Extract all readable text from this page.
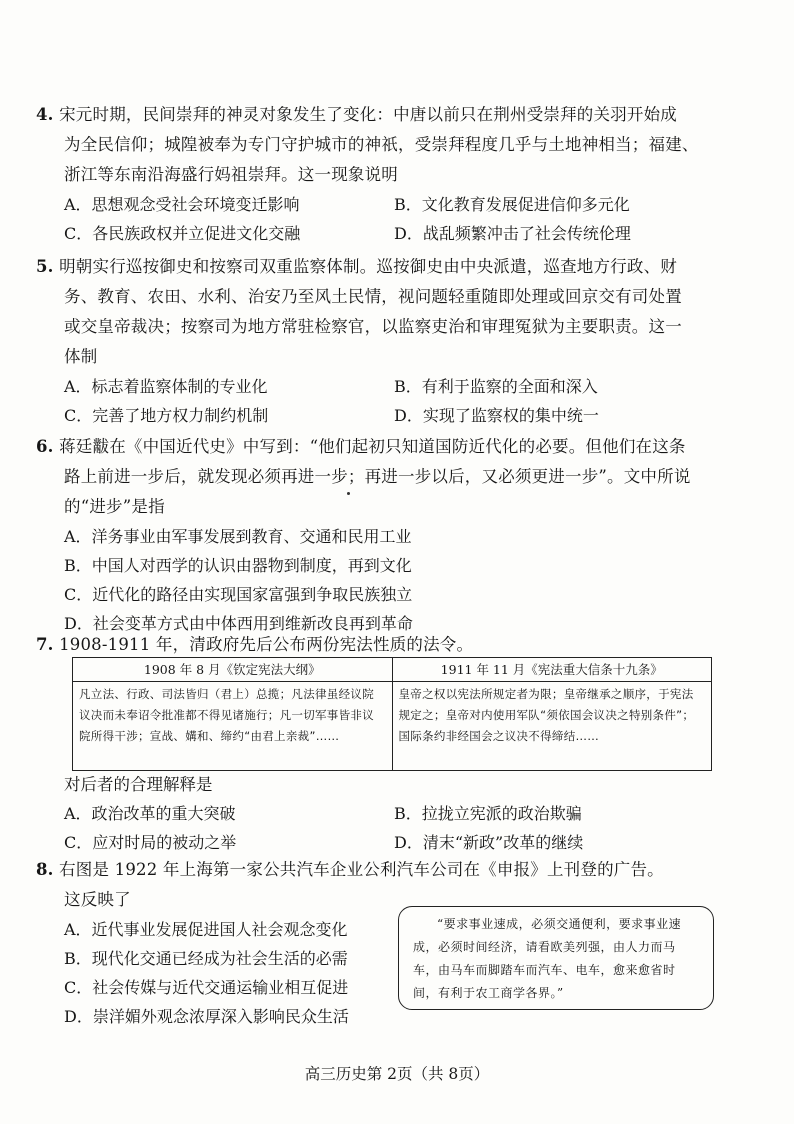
4. 宋元时期，民间崇拜的神灵对象发生了变化：中唐以前只在荆州受崇拜的关羽开始成
为全民信仰；城隍被奉为专门守护城市的神祇，受崇拜程度几乎与土地神相当；福建、
浙江等东南沿海盛行妈祖崇拜。这一现象说明
A．思想观念受社会环境变迁影响	B．文化教育发展促进信仰多元化
C．各民族政权并立促进文化交融	D．战乱频繁冲击了社会传统伦理
5. 明朝实行巡按御史和按察司双重监察体制。巡按御史由中央派遣，巡查地方行政、财
务、教育、农田、水利、治安乃至风土民情，视问题轻重随即处理或回京交有司处置
或交皇帝裁决；按察司为地方常驻检察官，以监察吏治和审理冤狱为主要职责。这一
体制
A．标志着监察体制的专业化	B．有利于监察的全面和深入
C．完善了地方权力制约机制	D．实现了监察权的集中统一
6. 蒋廷黻在《中国近代史》中写到：“他们起初只知道国防近代化的必要。但他们在这条
路上前进一步后，就发现必须再进一步；再进一步以后，又必须更进一步”。文中所说
的“进步”是指
A．洋务事业由军事发展到教育、交通和民用工业
B．中国人对西学的认识由器物到制度，再到文化
C．近代化的路径由实现国家富强到争取民族独立
D．社会变革方式由中体西用到维新改良再到革命
7. 1908-1911 年，清政府先后公布两份宪法性质的法令。
1908 年 8 月《钦定宪法大纲》	1911 年 11 月《宪法重大信条十九条》
凡立法、行政、司法皆归（君上）总揽；凡法律虽经议院议决而未奉诏令批准都不得见诸施行；凡一切军事皆非议院所得干涉；宣战、媾和、缔约“由君上亲裁”……	皇帝之权以宪法所规定者为限；皇帝继承之顺序，于宪法规定之；皇帝对内使用军队“须依国会议决之特别条件”；国际条约非经国会之议决不得缔结……
对后者的合理解释是
A．政治改革的重大突破	B．拉拢立宪派的政治欺骗
C．应对时局的被动之举	D．清末“新政”改革的继续
8. 右图是 1922 年上海第一家公共汽车企业公利汽车公司在《申报》上刊登的广告。
这反映了
A．近代事业发展促进国人社会观念变化
B．现代化交通已经成为社会生活的必需
C．社会传媒与近代交通运输业相互促进
D．崇洋媚外观念浓厚深入影响民众生活
“要求事业速成，必须交通便利，要求事业速成，必须时间经济，请看欧美列强，由人力而马车，由马车而脚踏车而汽车、电车，愈来愈省时间，有利于农工商学各界。”
高三历史第 2页（共 8页）
